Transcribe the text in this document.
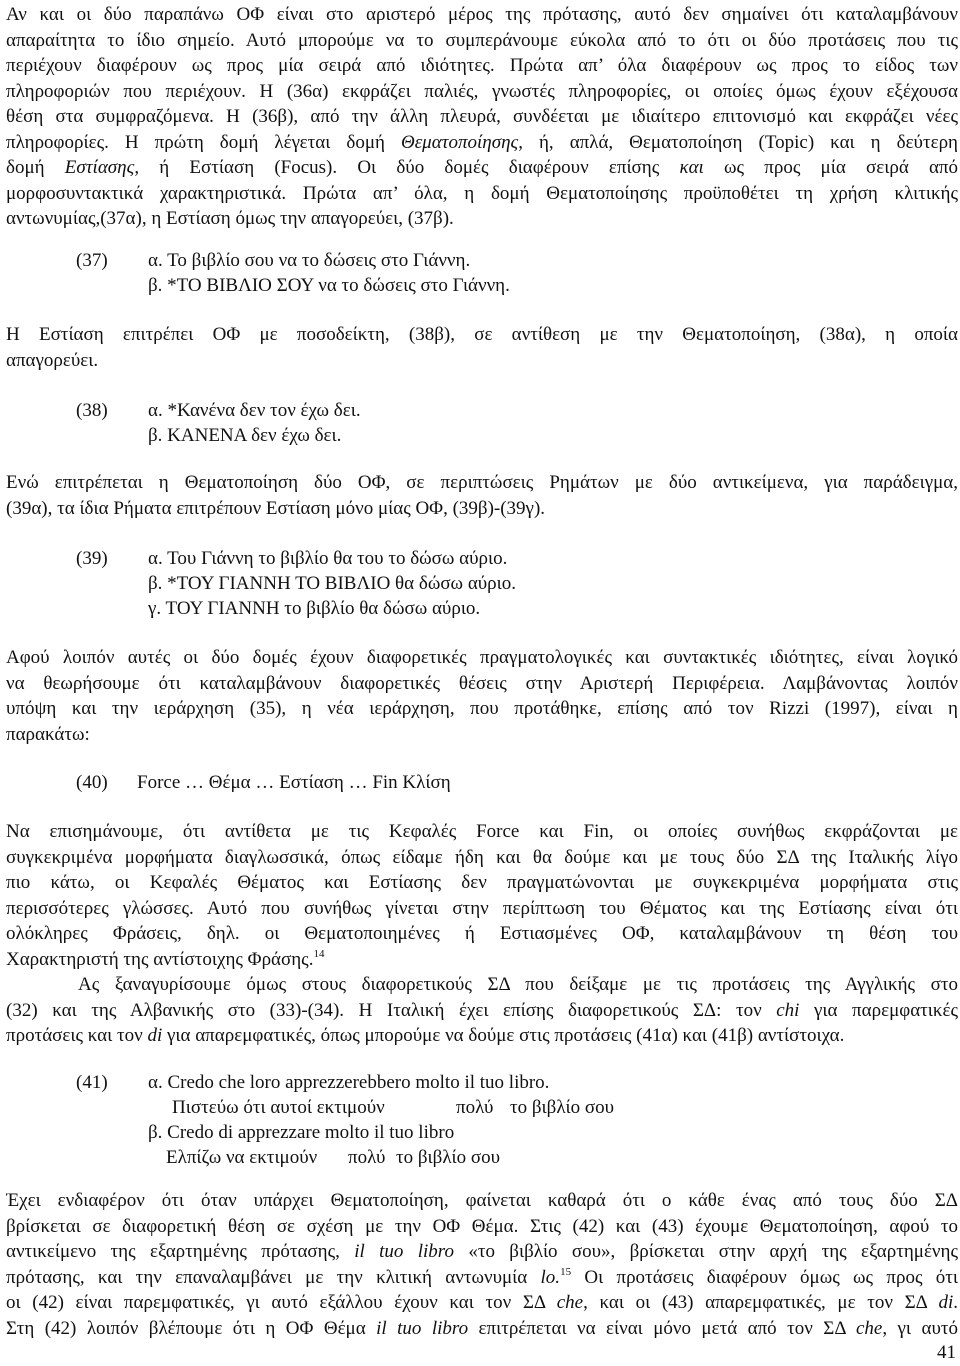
Αν και οι δύο παραπάνω ΟΦ είναι στο αριστερό μέρος της πρότασης, αυτό δεν σημαίνει ότι καταλαμβάνουν
απαραίτητα το ίδιο σημείο. Αυτό μπορούμε να το συμπεράνουμε εύκολα από το ότι οι δύο προτάσεις που τις
περιέχουν διαφέρουν ως προς μία σειρά από ιδιότητες. Πρώτα απ’ όλα διαφέρουν ως προς το είδος των
πληροφοριών που περιέχουν. Η (36α) εκφράζει παλιές, γνωστές πληροφορίες, οι οποίες όμως έχουν εξέχουσα
θέση στα συμφραζόμενα. Η (36β), από την άλλη πλευρά, συνδέεται με ιδιαίτερο επιτονισμό και εκφράζει νέες
πληροφορίες. Η πρώτη δομή λέγεται δομή Θεματοποίησης, ή, απλά, Θεματοποίηση (Topic) και η δεύτερη
δομή Εστίασης, ή Εστίαση (Focus). Οι δύο δομές διαφέρουν επίσης και ως προς μία σειρά από
μορφοσυντακτικά χαρακτηριστικά. Πρώτα απ’ όλα, η δομή Θεματοποίησης προϋποθέτει τη χρήση κλιτικής
αντωνυμίας,(37α), η Εστίαση όμως την απαγορεύει, (37β).
(37) α. Το βιβλίο σου να το δώσεις στο Γιάννη.
β. *ΤΟ ΒΙΒΛΙΟ ΣΟΥ να το δώσεις στο Γιάννη.
Η Εστίαση επιτρέπει ΟΦ με ποσοδείκτη, (38β), σε αντίθεση με την Θεματοποίηση, (38α), η οποία
απαγορεύει.
(38) α. *Κανένα δεν τον έχω δει.
β. ΚΑΝΕΝΑ δεν έχω δει.
Ενώ επιτρέπεται η Θεματοποίηση δύο ΟΦ, σε περιπτώσεις Ρημάτων με δύο αντικείμενα, για παράδειγμα,
(39α), τα ίδια Ρήματα επιτρέπουν Εστίαση μόνο μίας ΟΦ, (39β)-(39γ).
(39) α. Του Γιάννη το βιβλίο θα του το δώσω αύριο.
β. *ΤΟΥ ΓΙΑΝΝΗ ΤΟ ΒΙΒΛΙΟ θα δώσω αύριο.
γ. ΤΟΥ ΓΙΑΝΝΗ το βιβλίο θα δώσω αύριο.
Αφού λοιπόν αυτές οι δύο δομές έχουν διαφορετικές πραγματολογικές και συντακτικές ιδιότητες, είναι λογικό
να θεωρήσουμε ότι καταλαμβάνουν διαφορετικές θέσεις στην Αριστερή Περιφέρεια. Λαμβάνοντας λοιπόν
υπόψη και την ιεράρχηση (35), η νέα ιεράρχηση, που προτάθηκε, επίσης από τον Rizzi (1997), είναι η
παρακάτω:
(40) Force … Θέμα … Εστίαση … Fin Κλίση
Να επισημάνουμε, ότι αντίθετα με τις Κεφαλές Force και Fin, οι οποίες συνήθως εκφράζονται με
συγκεκριμένα μορφήματα διαγλωσσικά, όπως είδαμε ήδη και θα δούμε και με τους δύο ΣΔ της Ιταλικής λίγο
πιο κάτω, οι Κεφαλές Θέματος και Εστίασης δεν πραγματώνονται με συγκεκριμένα μορφήματα στις
περισσότερες γλώσσες. Αυτό που συνήθως γίνεται στην περίπτωση του Θέματος και της Εστίασης είναι ότι
ολόκληρες Φράσεις, δηλ. οι Θεματοποιημένες ή Εστιασμένες ΟΦ, καταλαμβάνουν τη θέση του
Χαρακτηριστή της αντίστοιχης Φράσης.$^{14}$
Ας ξαναγυρίσουμε όμως στους διαφορετικούς ΣΔ που δείξαμε με τις προτάσεις της Αγγλικής στο
(32) και της Αλβανικής στο (33)-(34). Η Ιταλική έχει επίσης διαφορετικούς ΣΔ: τον chi για παρεμφατικές
προτάσεις και τον di για απαρεμφατικές, όπως μπορούμε να δούμε στις προτάσεις (41α) και (41β) αντίστοιχα.
(41) α. Credo che loro apprezzerebbero molto il tuo libro.
Πιστεύω ότι αυτοί εκτιμούν	πολύ το βιβλίο σου
β. Credo di apprezzare molto il tuo libro
Ελπίζω να εκτιμούν πολύ το βιβλίο σου
Έχει ενδιαφέρον ότι όταν υπάρχει Θεματοποίηση, φαίνεται καθαρά ότι ο κάθε ένας από τους δύο ΣΔ
βρίσκεται σε διαφορετική θέση σε σχέση με την ΟΦ Θέμα. Στις (42) και (43) έχουμε Θεματοποίηση, αφού το
αντικείμενο της εξαρτημένης πρότασης, il tuo libro «το βιβλίο σου», βρίσκεται στην αρχή της εξαρτημένης
πρότασης, και την επαναλαμβάνει με την κλιτική αντωνυμία lo.$^{15}$ Οι προτάσεις διαφέρουν όμως ως προς ότι
οι (42) είναι παρεμφατικές, γι αυτό εξάλλου έχουν και τον ΣΔ che, και οι (43) απαρεμφατικές, με τον ΣΔ di.
Στη (42) λοιπόν βλέπουμε ότι η ΟΦ Θέμα il tuo libro επιτρέπεται να είναι μόνο μετά από τον ΣΔ che, γι αυτό
41
